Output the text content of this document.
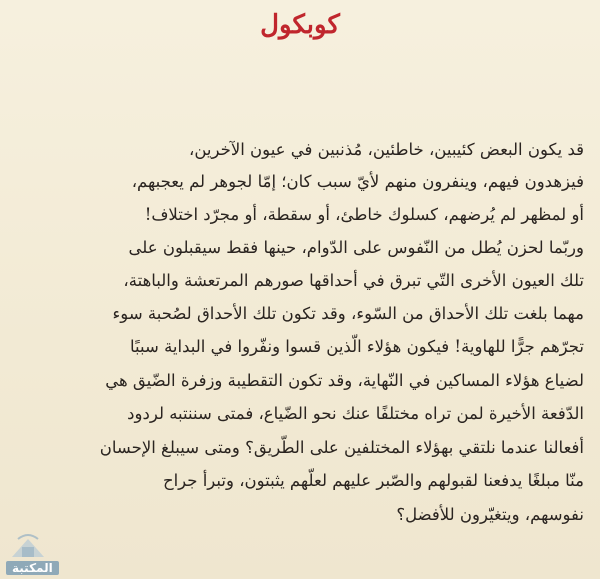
كوبكول
قد يكون البعض كئيبين، خاطئين، مُذنبين في عيون الآخرين،
فيزهدون فيهم، وينفرون منهم لأيّ سبب كان؛ إمّا لجوهر لم يعجبهم،
أو لمظهر لم يُرضهم، كسلوك خاطئ، أو سقطة، أو مجرّد اختلاف!
وربّما لحزن يُطل من النّفوس على الدّوام، حينها فقط سيقبلون على
تلك العيون الأخرى التّي تبرق في أحداقها صورهم المرتعشة والباهتة،
مهما بلغت تلك الأحداق من السّوء، وقد تكون تلك الأحداق لصُحبة سوء
تجرّهم جرًّا للهاوية! فيكون هؤلاء الّذين قسوا ونفّروا في البداية سببًا
لضياع هؤلاء المساكين في النّهاية، وقد تكون التقطيبة وزفرة الضّيق هي
الدّفعة الأخيرة لمن تراه مختلفًا عنك نحو الضّياع، فمتى سننتبه لردود
أفعالنا عندما نلتقي بهؤلاء المختلفين على الطّريق؟ ومتى سيبلغ الإحسان
منّا مبلغًا يدفعنا لقبولهم والصّبر عليهم لعلّهم يثبتون، وتبرأ جراح
نفوسهم، ويتغيّرون للأفضل؟
المكتبة
